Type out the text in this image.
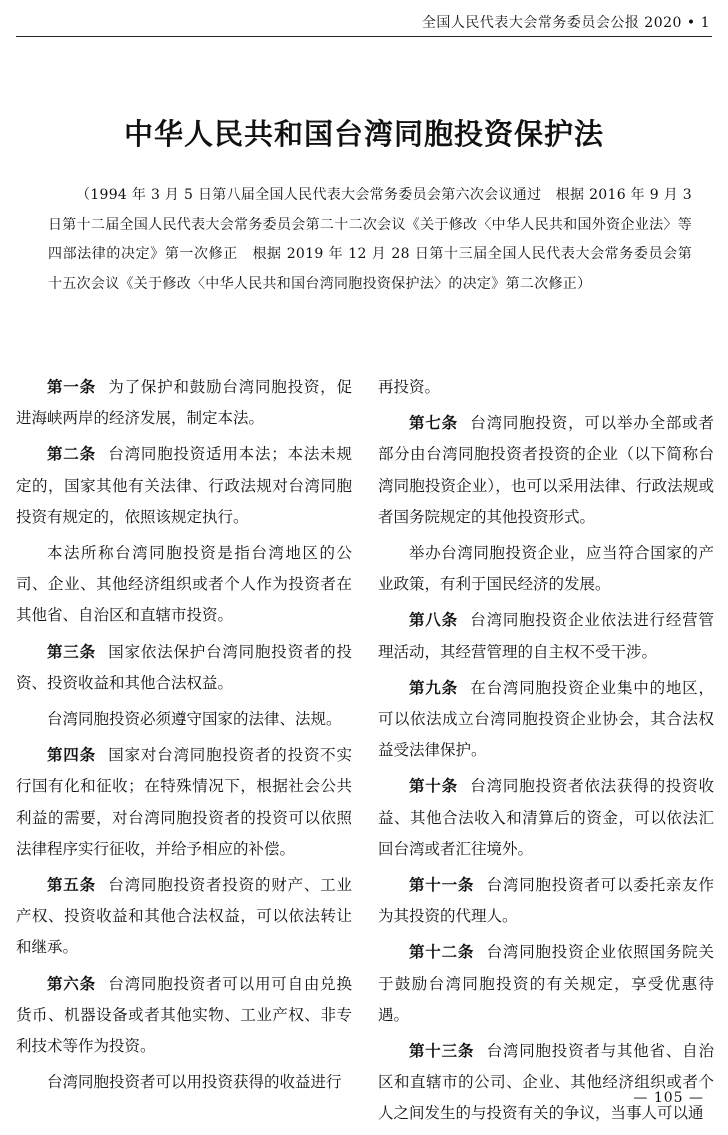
全国人民代表大会常务委员会公报 2020 • 1
中华人民共和国台湾同胞投资保护法
（1994 年 3 月 5 日第八届全国人民代表大会常务委员会第六次会议通过　根据 2016 年 9 月 3 日第十二届全国人民代表大会常务委员会第二十二次会议《关于修改〈中华人民共和国外资企业法〉等四部法律的决定》第一次修正　根据 2019 年 12 月 28 日第十三届全国人民代表大会常务委员会第十五次会议《关于修改〈中华人民共和国台湾同胞投资保护法〉的决定》第二次修正）

第一条 为了保护和鼓励台湾同胞投资，促进海峡两岸的经济发展，制定本法。

第二条 台湾同胞投资适用本法；本法未规定的，国家其他有关法律、行政法规对台湾同胞投资有规定的，依照该规定执行。

本法所称台湾同胞投资是指台湾地区的公司、企业、其他经济组织或者个人作为投资者在其他省、自治区和直辖市投资。

第三条 国家依法保护台湾同胞投资者的投资、投资收益和其他合法权益。

台湾同胞投资必须遵守国家的法律、法规。

第四条 国家对台湾同胞投资者的投资不实行国有化和征收；在特殊情况下，根据社会公共利益的需要，对台湾同胞投资者的投资可以依照法律程序实行征收，并给予相应的补偿。

第五条 台湾同胞投资者投资的财产、工业产权、投资收益和其他合法权益，可以依法转让和继承。

第六条 台湾同胞投资者可以用可自由兑换货币、机器设备或者其他实物、工业产权、非专利技术等作为投资。

台湾同胞投资者可以用投资获得的收益进行

再投资。

第七条 台湾同胞投资，可以举办全部或者部分由台湾同胞投资者投资的企业（以下简称台湾同胞投资企业），也可以采用法律、行政法规或者国务院规定的其他投资形式。

举办台湾同胞投资企业，应当符合国家的产业政策，有利于国民经济的发展。

第八条 台湾同胞投资企业依法进行经营管理活动，其经营管理的自主权不受干涉。

第九条 在台湾同胞投资企业集中的地区，可以依法成立台湾同胞投资企业协会，其合法权益受法律保护。

第十条 台湾同胞投资者依法获得的投资收益、其他合法收入和清算后的资金，可以依法汇回台湾或者汇往境外。

第十一条 台湾同胞投资者可以委托亲友作为其投资的代理人。

第十二条 台湾同胞投资企业依照国务院关于鼓励台湾同胞投资的有关规定，享受优惠待遇。

第十三条 台湾同胞投资者与其他省、自治区和直辖市的公司、企业、其他经济组织或者个人之间发生的与投资有关的争议，当事人可以通

— 105 —
